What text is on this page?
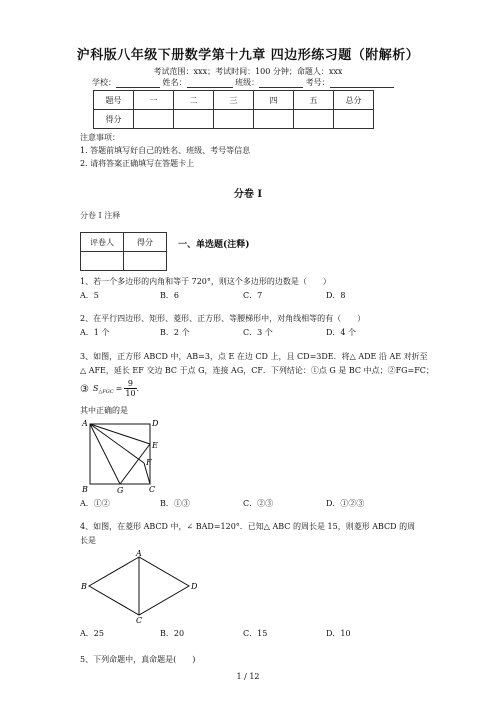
沪科版八年级下册数学第十九章 四边形练习题（附解析）
考试范围：xxx；考试时间：100 分钟；命题人：xxx
学校：	姓名：	班级：	考号：
题号	一	二	三	四	五	总分
得分						
注意事项：
1. 答题前填写好自己的姓名、班级、考号等信息
2. 请将答案正确填写在答题卡上
分卷 I
分卷 I 注释
评卷人	得分
		一、单选题(注释)
1、若一个多边形的内角和等于 720°，则这个多边形的边数是（　　）
A．5	B．6	C．7	D．8
2、在平行四边形、矩形、菱形、正方形、等腰梯形中，对角线相等的有（　　）
A．1 个	B．2 个	C．3 个	D．4 个
3、如图，正方形 ABCD 中，AB=3，点 E 在边 CD 上，且 CD=3DE．将△ ADE 沿 AE 对折至
△ AFE，延长 EF 交边 BC 于点 G，连接 AG，CF．下列结论：①点 G 是 BC 中点；②FG=FC；
③ S △FGC = $\frac{9}{10}$ .
其中正确的是
A	D
E
F
B	G	C
A．①②	B．①③	C．②③	D．①②③
4、如图，在菱形 ABCD 中，∠ BAD=120°．已知△ ABC 的周长是 15，则菱形 ABCD 的周
长是
A
B
C
D
A．25	B．20	C．15	D．10
5、下列命题中，真命题是(　　)
1 / 12
